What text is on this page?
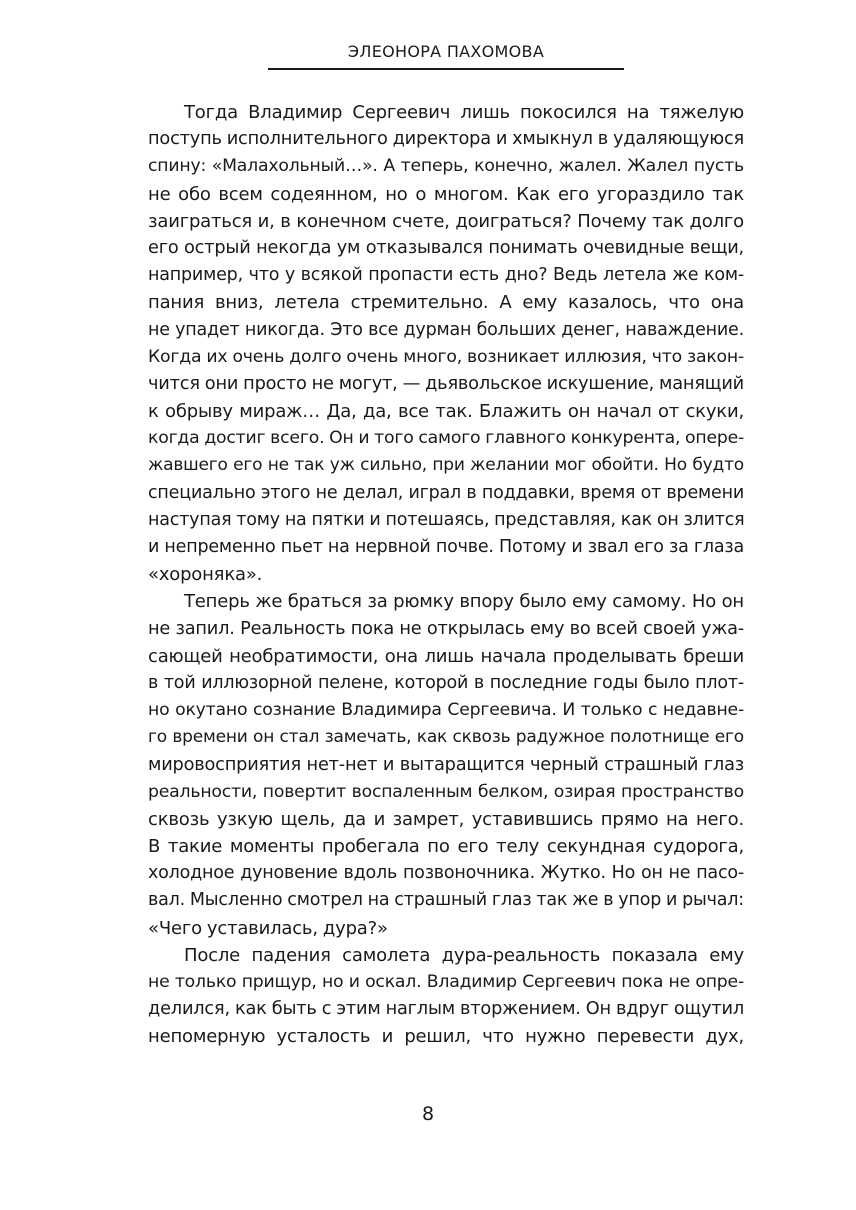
ЭЛЕОНОРА ПАХОМОВА
Тогда Владимир Сергеевич лишь покосился на тяжелую
поступь исполнительного директора и хмыкнул в удаляющуюся
спину: «Малахольный…». А теперь, конечно, жалел. Жалел пусть
не обо всем содеянном, но о многом. Как его угораздило так
заиграться и, в конечном счете, доиграться? Почему так долго
его острый некогда ум отказывался понимать очевидные вещи,
например, что у всякой пропасти есть дно? Ведь летела же ком-
пания вниз, летела стремительно. А ему казалось, что она
не упадет никогда. Это все дурман больших денег, наваждение.
Когда их очень долго очень много, возникает иллюзия, что закон-
чится они просто не могут, — дьявольское искушение, манящий
к обрыву мираж… Да, да, все так. Блажить он начал от скуки,
когда достиг всего. Он и того самого главного конкурента, опере-
жавшего его не так уж сильно, при желании мог обойти. Но будто
специально этого не делал, играл в поддавки, время от времени
наступая тому на пятки и потешаясь, представляя, как он злится
и непременно пьет на нервной почве. Потому и звал его за глаза
«хороняка».
Теперь же браться за рюмку впору было ему самому. Но он
не запил. Реальность пока не открылась ему во всей своей ужа-
сающей необратимости, она лишь начала проделывать бреши
в той иллюзорной пелене, которой в последние годы было плот-
но окутано сознание Владимира Сергеевича. И только с недавне-
го времени он стал замечать, как сквозь радужное полотнище его
мировосприятия нет-нет и вытаращится черный страшный глаз
реальности, повертит воспаленным белком, озирая пространство
сквозь узкую щель, да и замрет, уставившись прямо на него.
В такие моменты пробегала по его телу секундная судорога,
холодное дуновение вдоль позвоночника. Жутко. Но он не пасо-
вал. Мысленно смотрел на страшный глаз так же в упор и рычал:
«Чего уставилась, дура?»
После падения самолета дура-реальность показала ему
не только прищур, но и оскал. Владимир Сергеевич пока не опре-
делился, как быть с этим наглым вторжением. Он вдруг ощутил
непомерную усталость и решил, что нужно перевести дух,
8
